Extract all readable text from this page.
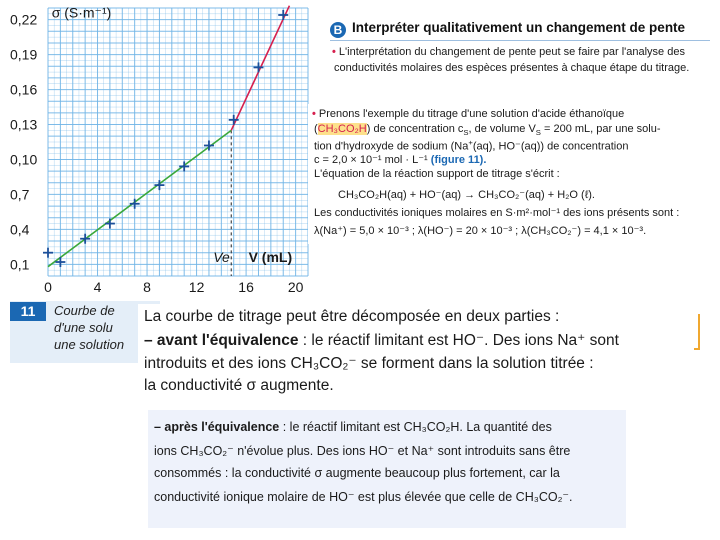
0,1
0,4
0,7
0,10
0,13
0,16
0,19
0,22
0	4	8	12 16 20
σ (S·m⁻¹)
V (mL)
Ve
11	Courbe de
d'une solu
une solution
B Interpréter qualitativement un changement de pente
• L'interprétation du changement de pente peut se faire par l'analyse des
conductivités molaires des espèces présentes à chaque étape du titrage.
• Prenons l'exemple du titrage d'une solution d'acide éthanoïque
(CH₃CO₂H) de concentration $c_S$, de volume $V_S = 200$ mL, par une solu-
tion d'hydroxyde de sodium (Na+(aq), HO⁻(aq)) de concentration
c = 2,0 × 10⁻¹ mol · L⁻¹ (figure 11).
L'équation de la réaction support de titrage s'écrit :
CH₃CO₂H(aq) + HO⁻(aq) → CH₃CO₂⁻(aq) + H₂O (ℓ).
Les conductivités ioniques molaires en S·m²·mol⁻¹ des ions présents sont :
λ(Na⁺) = 5,0 × 10⁻³ ; λ(HO⁻) = 20 × 10⁻³ ; λ(CH₃CO₂⁻) = 4,1 × 10⁻³.
La courbe de titrage peut être décomposée en deux parties :
– avant l'équivalence : le réactif limitant est HO⁻. Des ions Na⁺ sont
introduits et des ions CH₃CO₂⁻ se forment dans la solution titrée :
la conductivité σ augmente.
– après l'équivalence : le réactif limitant est CH₃CO₂H. La quantité des
ions CH₃CO₂⁻ n'évolue plus. Des ions HO⁻ et Na⁺ sont introduits sans être
consommés : la conductivité σ augmente beaucoup plus fortement, car la
conductivité ionique molaire de HO⁻ est plus élevée que celle de CH₃CO₂⁻.
